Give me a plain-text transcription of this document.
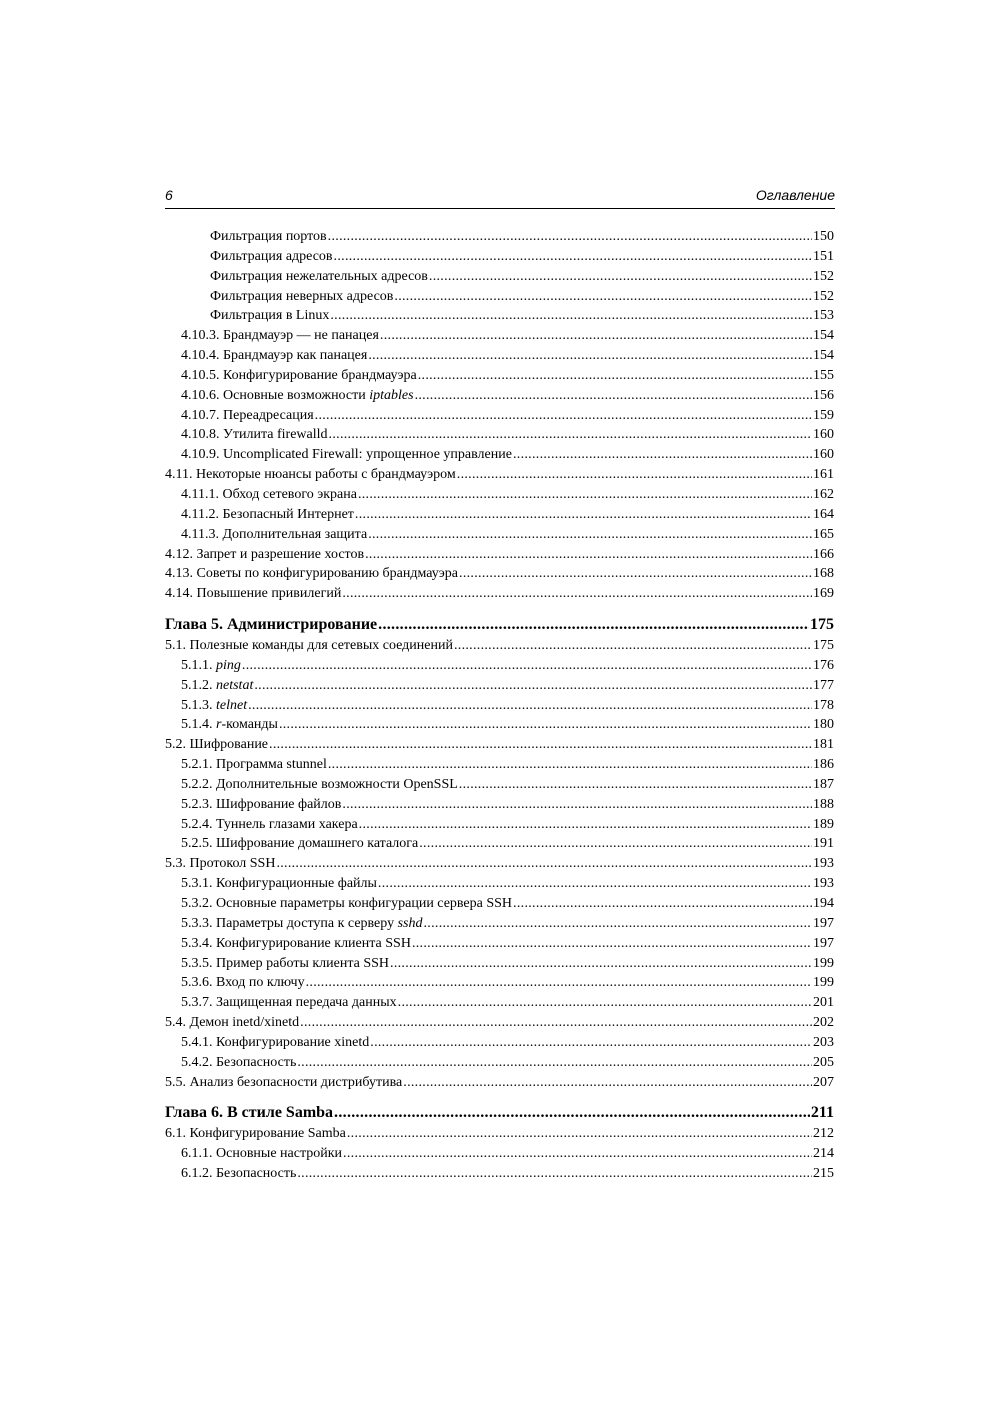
6	Оглавление
Фильтрация портов .....	150
Фильтрация адресов .....	151
Фильтрация нежелательных адресов .....	152
Фильтрация неверных адресов .....	152
Фильтрация в Linux .....	153
4.10.3. Брандмауэр — не панацея .....	154
4.10.4. Брандмауэр как панацея .....	154
4.10.5. Конфигурирование брандмауэра .....	155
4.10.6. Основные возможности iptables .....	156
4.10.7. Переадресация .....	159
4.10.8. Утилита firewalld .....	160
4.10.9. Uncomplicated Firewall: упрощенное управление .....	160
4.11. Некоторые нюансы работы с брандмауэром .....	161
4.11.1. Обход сетевого экрана .....	162
4.11.2. Безопасный Интернет .....	164
4.11.3. Дополнительная защита .....	165
4.12. Запрет и разрешение хостов .....	166
4.13. Советы по конфигурированию брандмауэра .....	168
4.14. Повышение привилегий .....	169
Глава 5. Администрирование .....	175
5.1. Полезные команды для сетевых соединений .....	175
5.1.1. ping .....	176
5.1.2. netstat .....	177
5.1.3. telnet .....	178
5.1.4. r-команды .....	180
5.2. Шифрование .....	181
5.2.1. Программа stunnel .....	186
5.2.2. Дополнительные возможности OpenSSL .....	187
5.2.3. Шифрование файлов .....	188
5.2.4. Туннель глазами хакера .....	189
5.2.5. Шифрование домашнего каталога .....	191
5.3. Протокол SSH .....	193
5.3.1. Конфигурационные файлы .....	193
5.3.2. Основные параметры конфигурации сервера SSH .....	194
5.3.3. Параметры доступа к серверу sshd .....	197
5.3.4. Конфигурирование клиента SSH .....	197
5.3.5. Пример работы клиента SSH .....	199
5.3.6. Вход по ключу .....	199
5.3.7. Защищенная передача данных .....	201
5.4. Демон inetd/xinetd .....	202
5.4.1. Конфигурирование xinetd .....	203
5.4.2. Безопасность .....	205
5.5. Анализ безопасности дистрибутива .....	207
Глава 6. В стиле Samba .....	211
6.1. Конфигурирование Samba .....	212
6.1.1. Основные настройки .....	214
6.1.2. Безопасность .....	215
